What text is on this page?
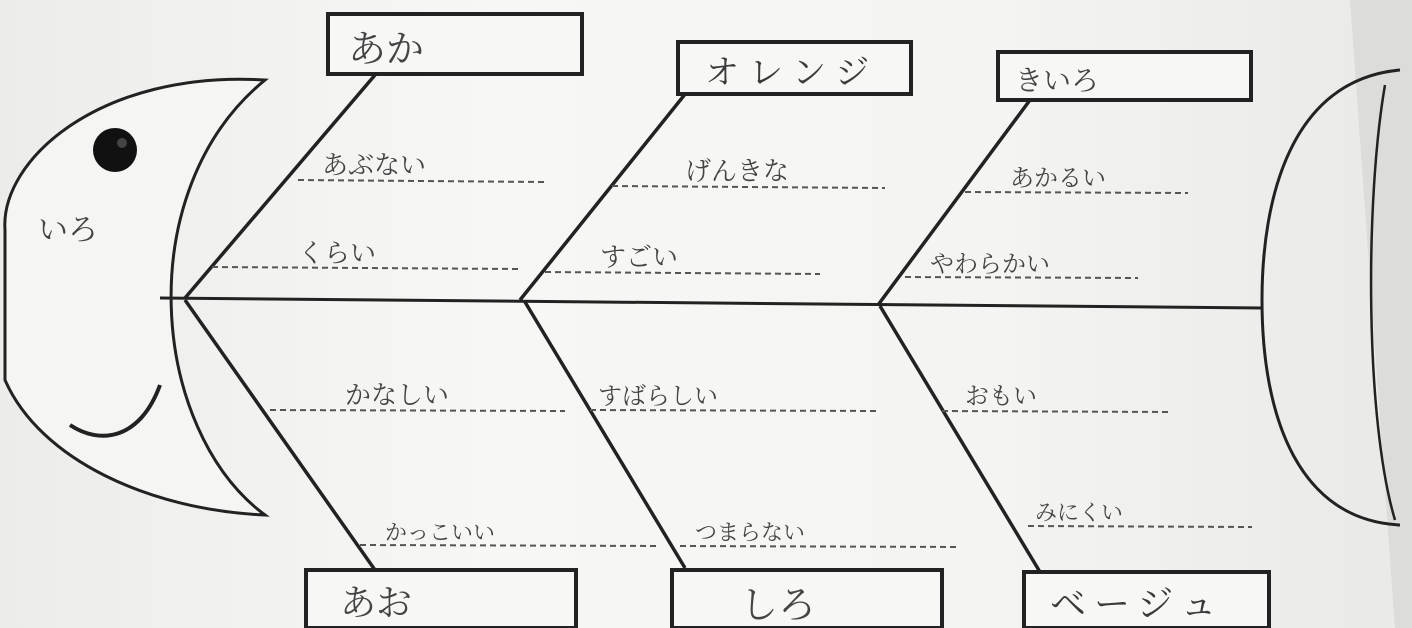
いろ
あか
オレンジ	きいろ
あお	しろ	ベージュ
あぶない
くらい
げんきな
すごい
あかるい
やわらかい
かなしい
かっこいい
すばらしい
つまらない
おもい
みにくい
